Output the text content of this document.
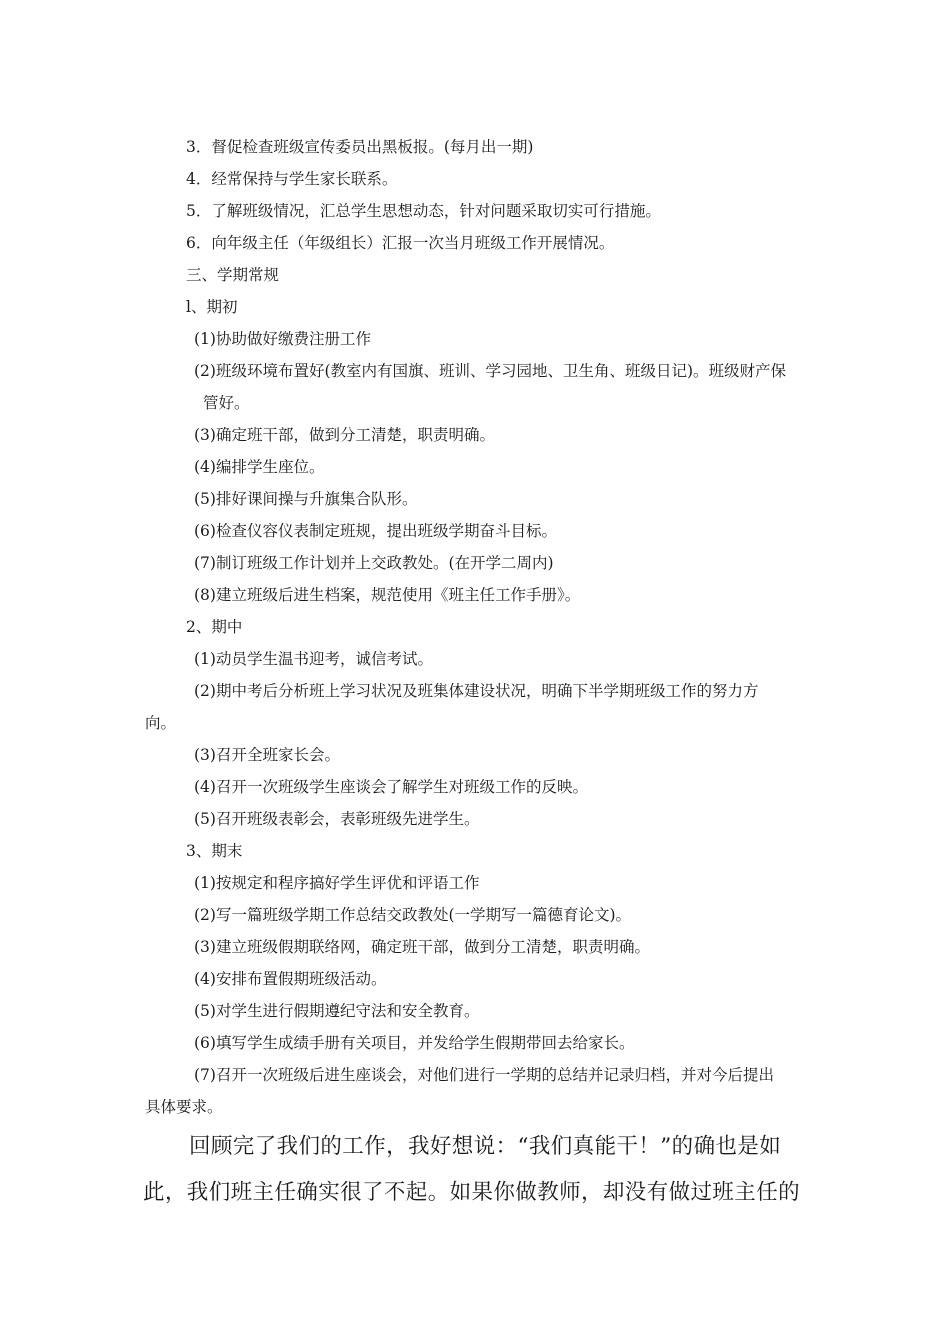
3．督促检查班级宣传委员出黑板报。(每月出一期)
4．经常保持与学生家长联系。
5．了解班级情况，汇总学生思想动态，针对问题采取切实可行措施。
6．向年级主任（年级组长）汇报一次当月班级工作开展情况。
三、学期常规
l、期初
(1)协助做好缴费注册工作
(2)班级环境布置好(教室内有国旗、班训、学习园地、卫生角、班级日记)。班级财产保
管好。
(3)确定班干部，做到分工清楚，职责明确。
(4)编排学生座位。
(5)排好课间操与升旗集合队形。
(6)检查仪容仪表制定班规，提出班级学期奋斗目标。
(7)制订班级工作计划并上交政教处。(在开学二周内)
(8)建立班级后进生档案，规范使用《班主任工作手册》。
2、期中
(1)动员学生温书迎考，诚信考试。
(2)期中考后分析班上学习状况及班集体建设状况，明确下半学期班级工作的努力方
向。
(3)召开全班家长会。
(4)召开一次班级学生座谈会了解学生对班级工作的反映。
(5)召开班级表彰会，表彰班级先进学生。
3、期末
(1)按规定和程序搞好学生评优和评语工作
(2)写一篇班级学期工作总结交政教处(一学期写一篇德育论文)。
(3)建立班级假期联络网，确定班干部，做到分工清楚，职责明确。
(4)安排布置假期班级活动。
(5)对学生进行假期遵纪守法和安全教育。
(6)填写学生成绩手册有关项目，并发给学生假期带回去给家长。
(7)召开一次班级后进生座谈会，对他们进行一学期的总结并记录归档，并对今后提出
具体要求。
回顾完了我们的工作，我好想说：“我们真能干！”的确也是如
此，我们班主任确实很了不起。如果你做教师，却没有做过班主任的
